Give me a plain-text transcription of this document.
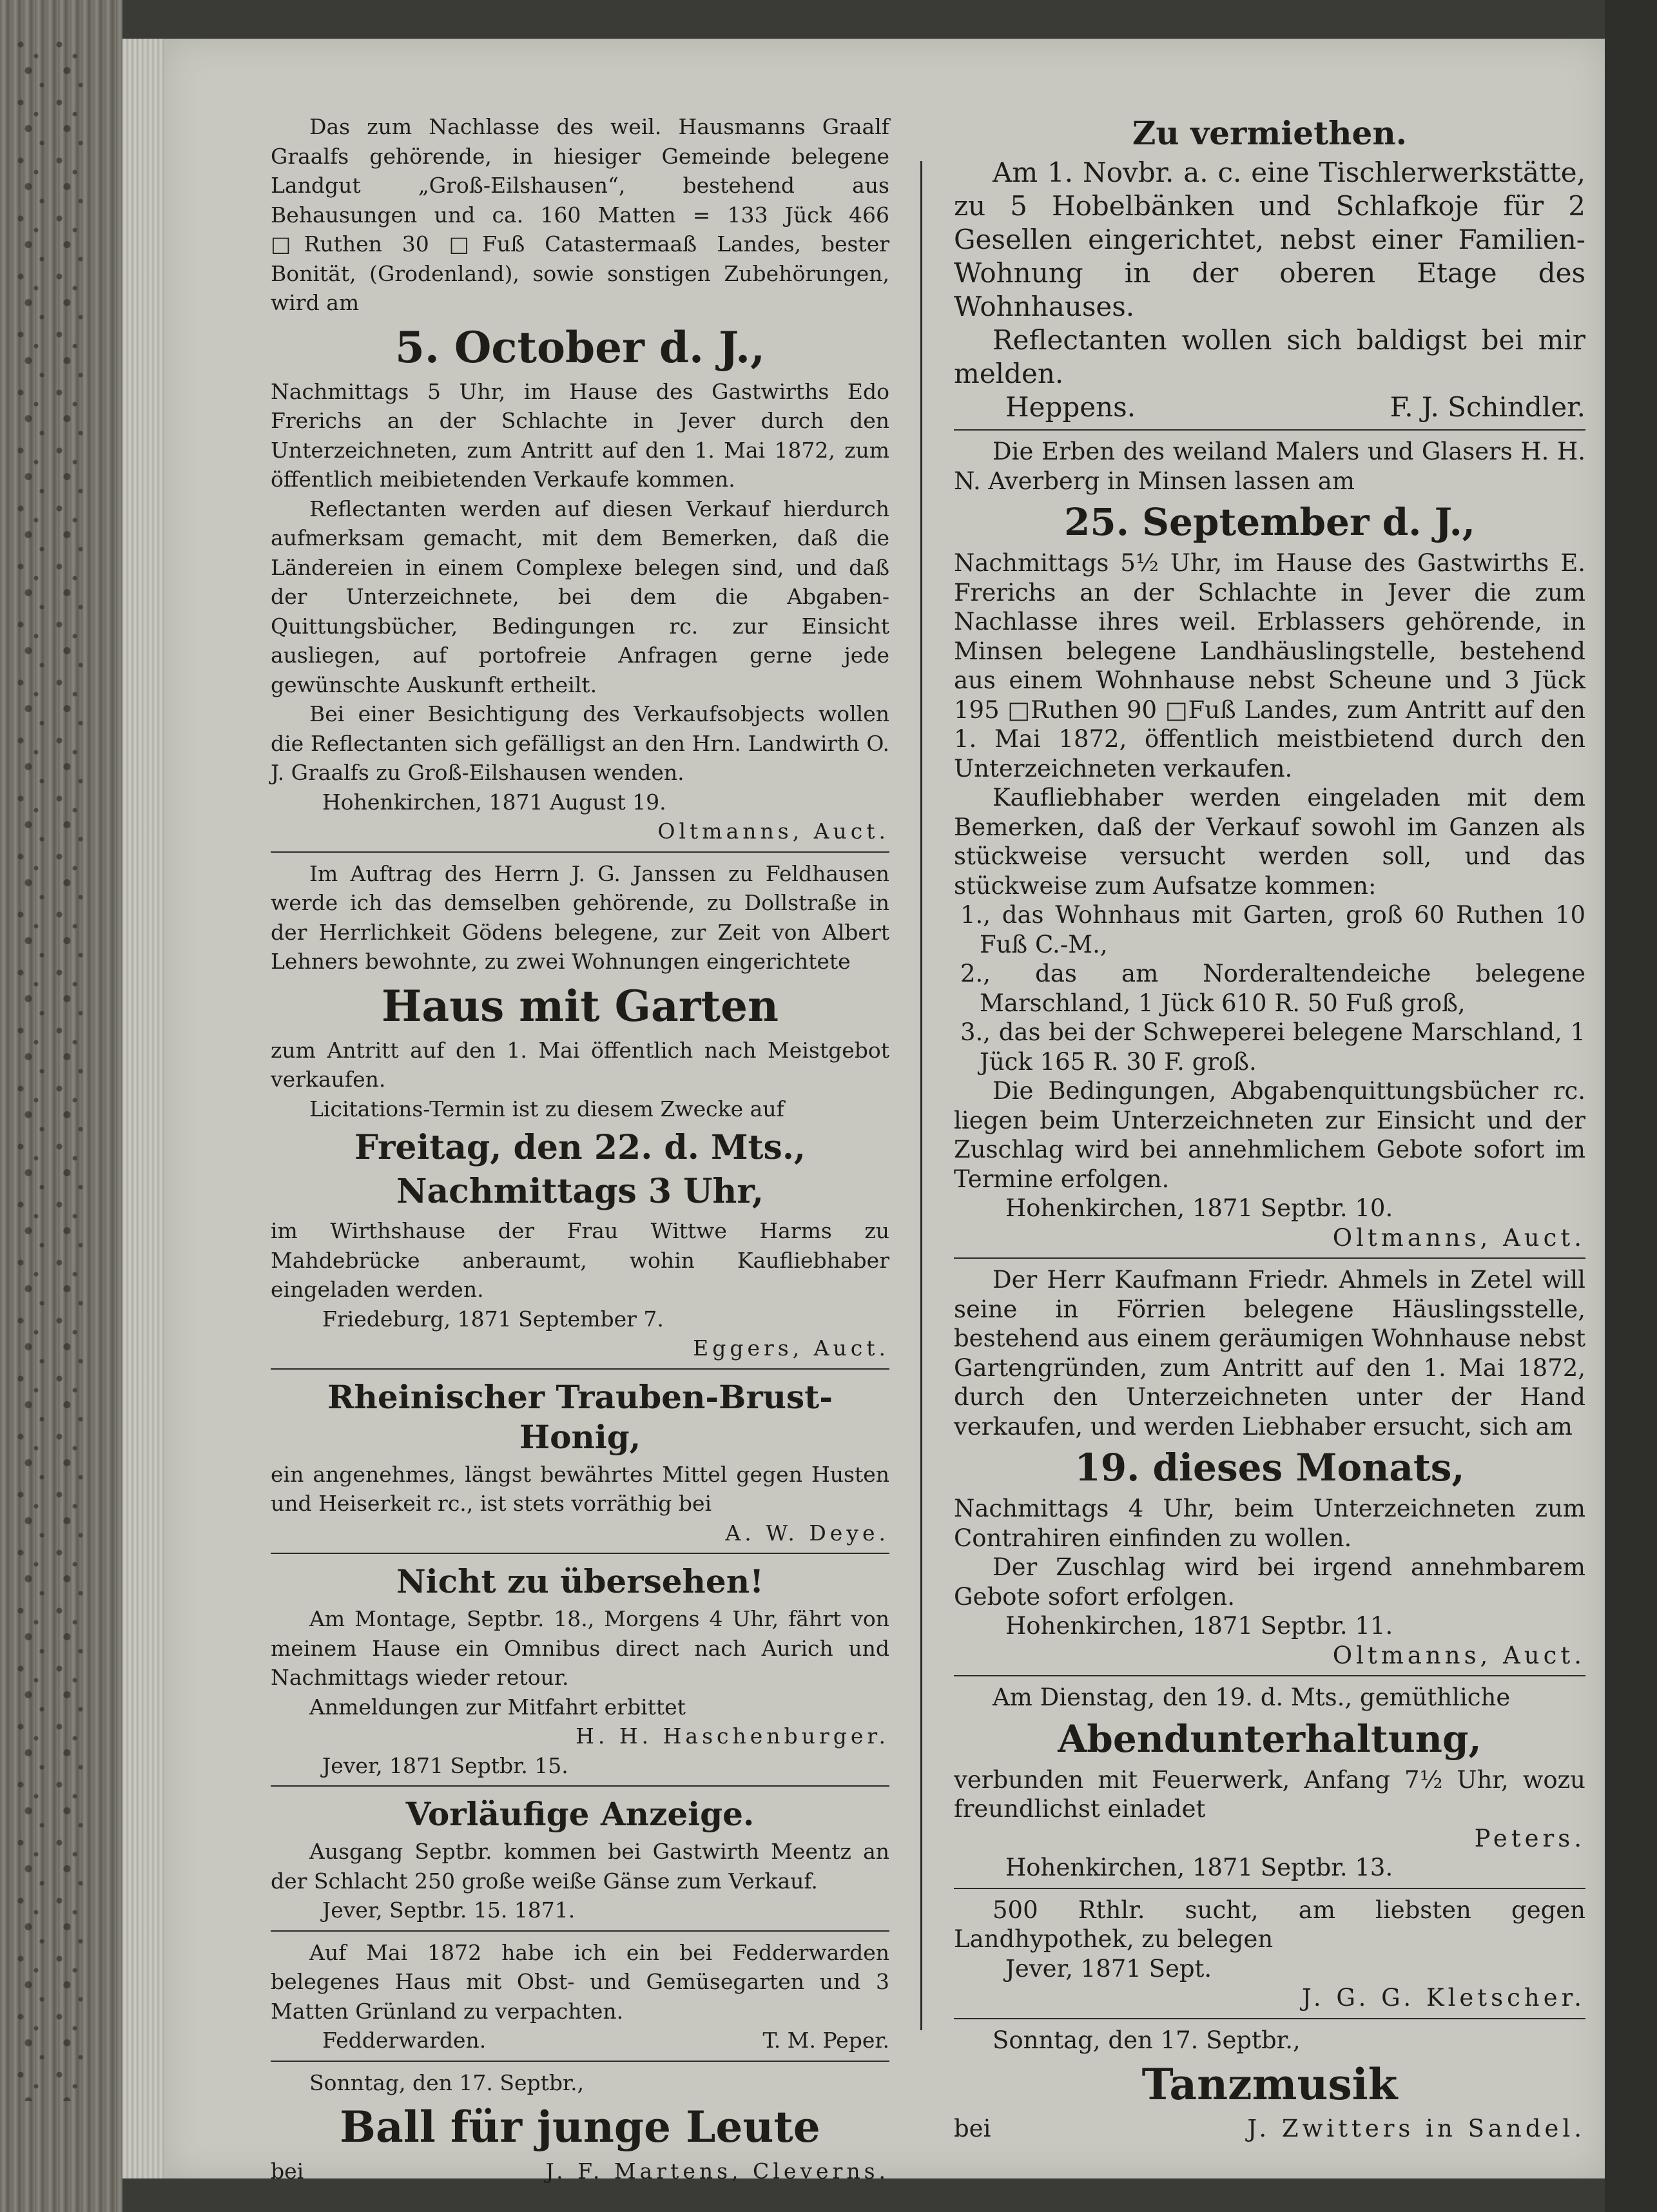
Das zum Nachlasse des weil. Hausmanns Graalf Graalfs gehörende, in hiesiger Gemeinde belegene Landgut „Groß-Eilshausen“, bestehend aus Behausungen und ca. 160 Matten = 133 Jück 466 □Ruthen 30 □Fuß Catastermaaß Landes, bester Bonität, (Grodenland), sowie sonstigen Zubehörungen, wird am

5. October d. J.,

Nachmittags 5 Uhr, im Hause des Gastwirths Edo Frerichs an der Schlachte in Jever durch den Unterzeichneten, zum Antritt auf den 1. Mai 1872, zum öffentlich meibietenden Verkaufe kommen.

Reflectanten werden auf diesen Verkauf hierdurch aufmerksam gemacht, mit dem Bemerken, daß die Ländereien in einem Complexe belegen sind, und daß der Unterzeichnete, bei dem die Abgaben-Quittungsbücher, Bedingungen rc. zur Einsicht ausliegen, auf portofreie Anfragen gerne jede gewünschte Auskunft ertheilt.

Bei einer Besichtigung des Verkaufsobjects wollen die Reflectanten sich gefälligst an den Hrn. Landwirth O. J. Graalfs zu Groß-Eilshausen wenden.

Hohenkirchen, 1871 August 19.

Oltmanns, Auct.

Im Auftrag des Herrn J. G. Janssen zu Feldhausen werde ich das demselben gehörende, zu Dollstraße in der Herrlichkeit Gödens belegene, zur Zeit von Albert Lehners bewohnte, zu zwei Wohnungen eingerichtete

Haus mit Garten

zum Antritt auf den 1. Mai öffentlich nach Meistgebot verkaufen.

Licitations-Termin ist zu diesem Zwecke auf

Freitag, den 22. d. Mts.,
Nachmittags 3 Uhr,

im Wirthshause der Frau Wittwe Harms zu Mahdebrücke anberaumt, wohin Kaufliebhaber eingeladen werden.

Friedeburg, 1871 September 7.

Eggers, Auct.

Rheinischer Trauben-Brust-Honig,

ein angenehmes, längst bewährtes Mittel gegen Husten und Heiserkeit rc., ist stets vorräthig bei

A. W. Deye.

Nicht zu übersehen!

Am Montage, Septbr. 18., Morgens 4 Uhr, fährt von meinem Hause ein Omnibus direct nach Aurich und Nachmittags wieder retour.

Anmeldungen zur Mitfahrt erbittet

H. H. Haschenburger.

Jever, 1871 Septbr. 15.

Vorläufige Anzeige.

Ausgang Septbr. kommen bei Gastwirth Meentz an der Schlacht 250 große weiße Gänse zum Verkauf.

Jever, Septbr. 15. 1871.

Auf Mai 1872 habe ich ein bei Fedderwarden belegenes Haus mit Obst- und Gemüsegarten und 3 Matten Grünland zu verpachten.

Fedderwarden.	T. M. Peper.

Sonntag, den 17. Septbr.,

Ball für junge Leute
bei	J. F. Martens, Cleverns.
Zu vermiethen.

Am 1. Novbr. a. c. eine Tischlerwerkstätte, zu 5 Hobelbänken und Schlafkoje für 2 Gesellen eingerichtet, nebst einer Familien-Wohnung in der oberen Etage des Wohnhauses.

Reflectanten wollen sich baldigst bei mir melden.

Heppens.	F. J. Schindler.

Die Erben des weiland Malers und Glasers H. H. N. Averberg in Minsen lassen am

25. September d. J.,

Nachmittags 5½ Uhr, im Hause des Gastwirths E. Frerichs an der Schlachte in Jever die zum Nachlasse ihres weil. Erblassers gehörende, in Minsen belegene Landhäuslingstelle, bestehend aus einem Wohnhause nebst Scheune und 3 Jück 195 □Ruthen 90 □Fuß Landes, zum Antritt auf den 1. Mai 1872, öffentlich meistbietend durch den Unterzeichneten verkaufen.

Kaufliebhaber werden eingeladen mit dem Bemerken, daß der Verkauf sowohl im Ganzen als stückweise versucht werden soll, und das stückweise zum Aufsatze kommen:

1., das Wohnhaus mit Garten, groß 60 Ruthen 10 Fuß C.-M.,

2., das am Norderaltendeiche belegene Marschland, 1 Jück 610 R. 50 Fuß groß,

3., das bei der Schweperei belegene Marschland, 1 Jück 165 R. 30 F. groß.

Die Bedingungen, Abgabenquittungsbücher rc. liegen beim Unterzeichneten zur Einsicht und der Zuschlag wird bei annehmlichem Gebote sofort im Termine erfolgen.

Hohenkirchen, 1871 Septbr. 10.

Oltmanns, Auct.

Der Herr Kaufmann Friedr. Ahmels in Zetel will seine in Förrien belegene Häuslingsstelle, bestehend aus einem geräumigen Wohnhause nebst Gartengründen, zum Antritt auf den 1. Mai 1872, durch den Unterzeichneten unter der Hand verkaufen, und werden Liebhaber ersucht, sich am

19. dieses Monats,

Nachmittags 4 Uhr, beim Unterzeichneten zum Contrahiren einfinden zu wollen.

Der Zuschlag wird bei irgend annehmbarem Gebote sofort erfolgen.

Hohenkirchen, 1871 Septbr. 11.

Oltmanns, Auct.

Am Dienstag, den 19. d. Mts., gemüthliche

Abendunterhaltung,

verbunden mit Feuerwerk, Anfang 7½ Uhr, wozu freundlichst einladet

Peters.

Hohenkirchen, 1871 Septbr. 13.

500 Rthlr. sucht, am liebsten gegen Landhypothek, zu belegen

Jever, 1871 Sept.

J. G. G. Kletscher.

Sonntag, den 17. Septbr.,

Tanzmusik
bei	J. Zwitters in Sandel.
